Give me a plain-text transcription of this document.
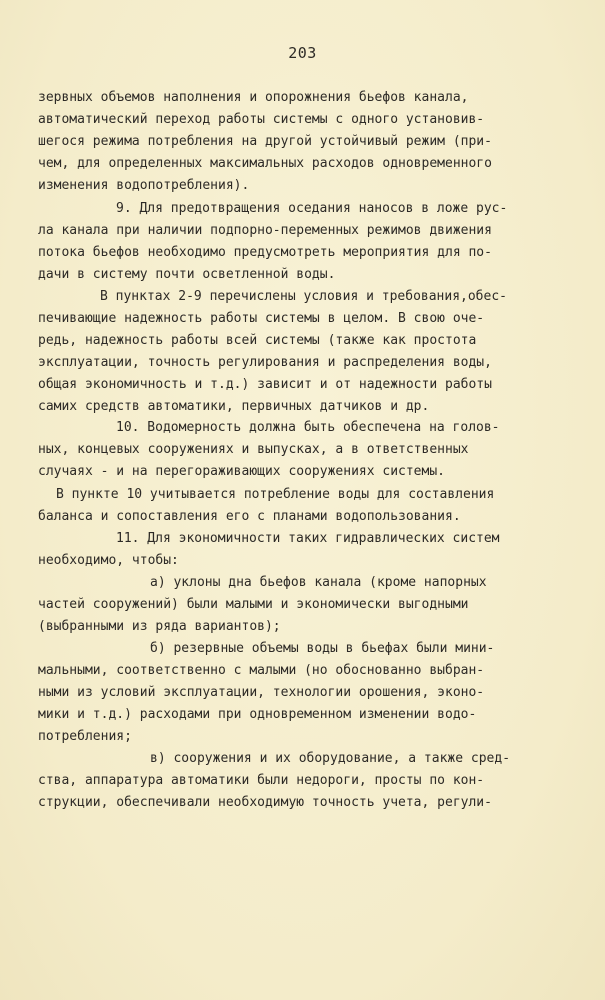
203
зервных объемов наполнения и опорожнения бьефов канала,
автоматический переход работы системы с одного установив-
шегося режима потребления на другой устойчивый режим (при-
чем, для определенных максимальных расходов одновременного
изменения водопотребления).
9. Для предотвращения оседания наносов в ложе рус-
ла канала при наличии подпорно-переменных режимов движения
потока бьефов необходимо предусмотреть мероприятия для по-
дачи в систему почти осветленной воды.
В пунктах 2-9 перечислены условия и требования,обес-
печивающие надежность работы системы в целом. В свою оче-
редь, надежность работы всей системы (также как простота
эксплуатации, точность регулирования и распределения воды,
общая экономичность и т.д.) зависит и от надежности работы
самих средств автоматики, первичных датчиков и др.
10. Водомерность должна быть обеспечена на голов-
ных, концевых сооружениях и выпусках, а в ответственных
случаях - и на перегораживающих сооружениях системы.
В пункте 10 учитывается потребление воды для составления
баланса и сопоставления его с планами водопользования.
11. Для экономичности таких гидравлических систем
необходимо, чтобы:
а) уклоны дна бьефов канала (кроме напорных
частей сооружений) были малыми и экономически выгодными
(выбранными из ряда вариантов);
б) резервные объемы воды в бьефах были мини-
мальными, соответственно с малыми (но обоснованно выбран-
ными из условий эксплуатации, технологии орошения, эконо-
мики и т.д.) расходами при одновременном изменении водо-
потребления;
в) сооружения и их оборудование, а также сред-
ства, аппаратура автоматики были недороги, просты по кон-
струкции, обеспечивали необходимую точность учета, регули-
